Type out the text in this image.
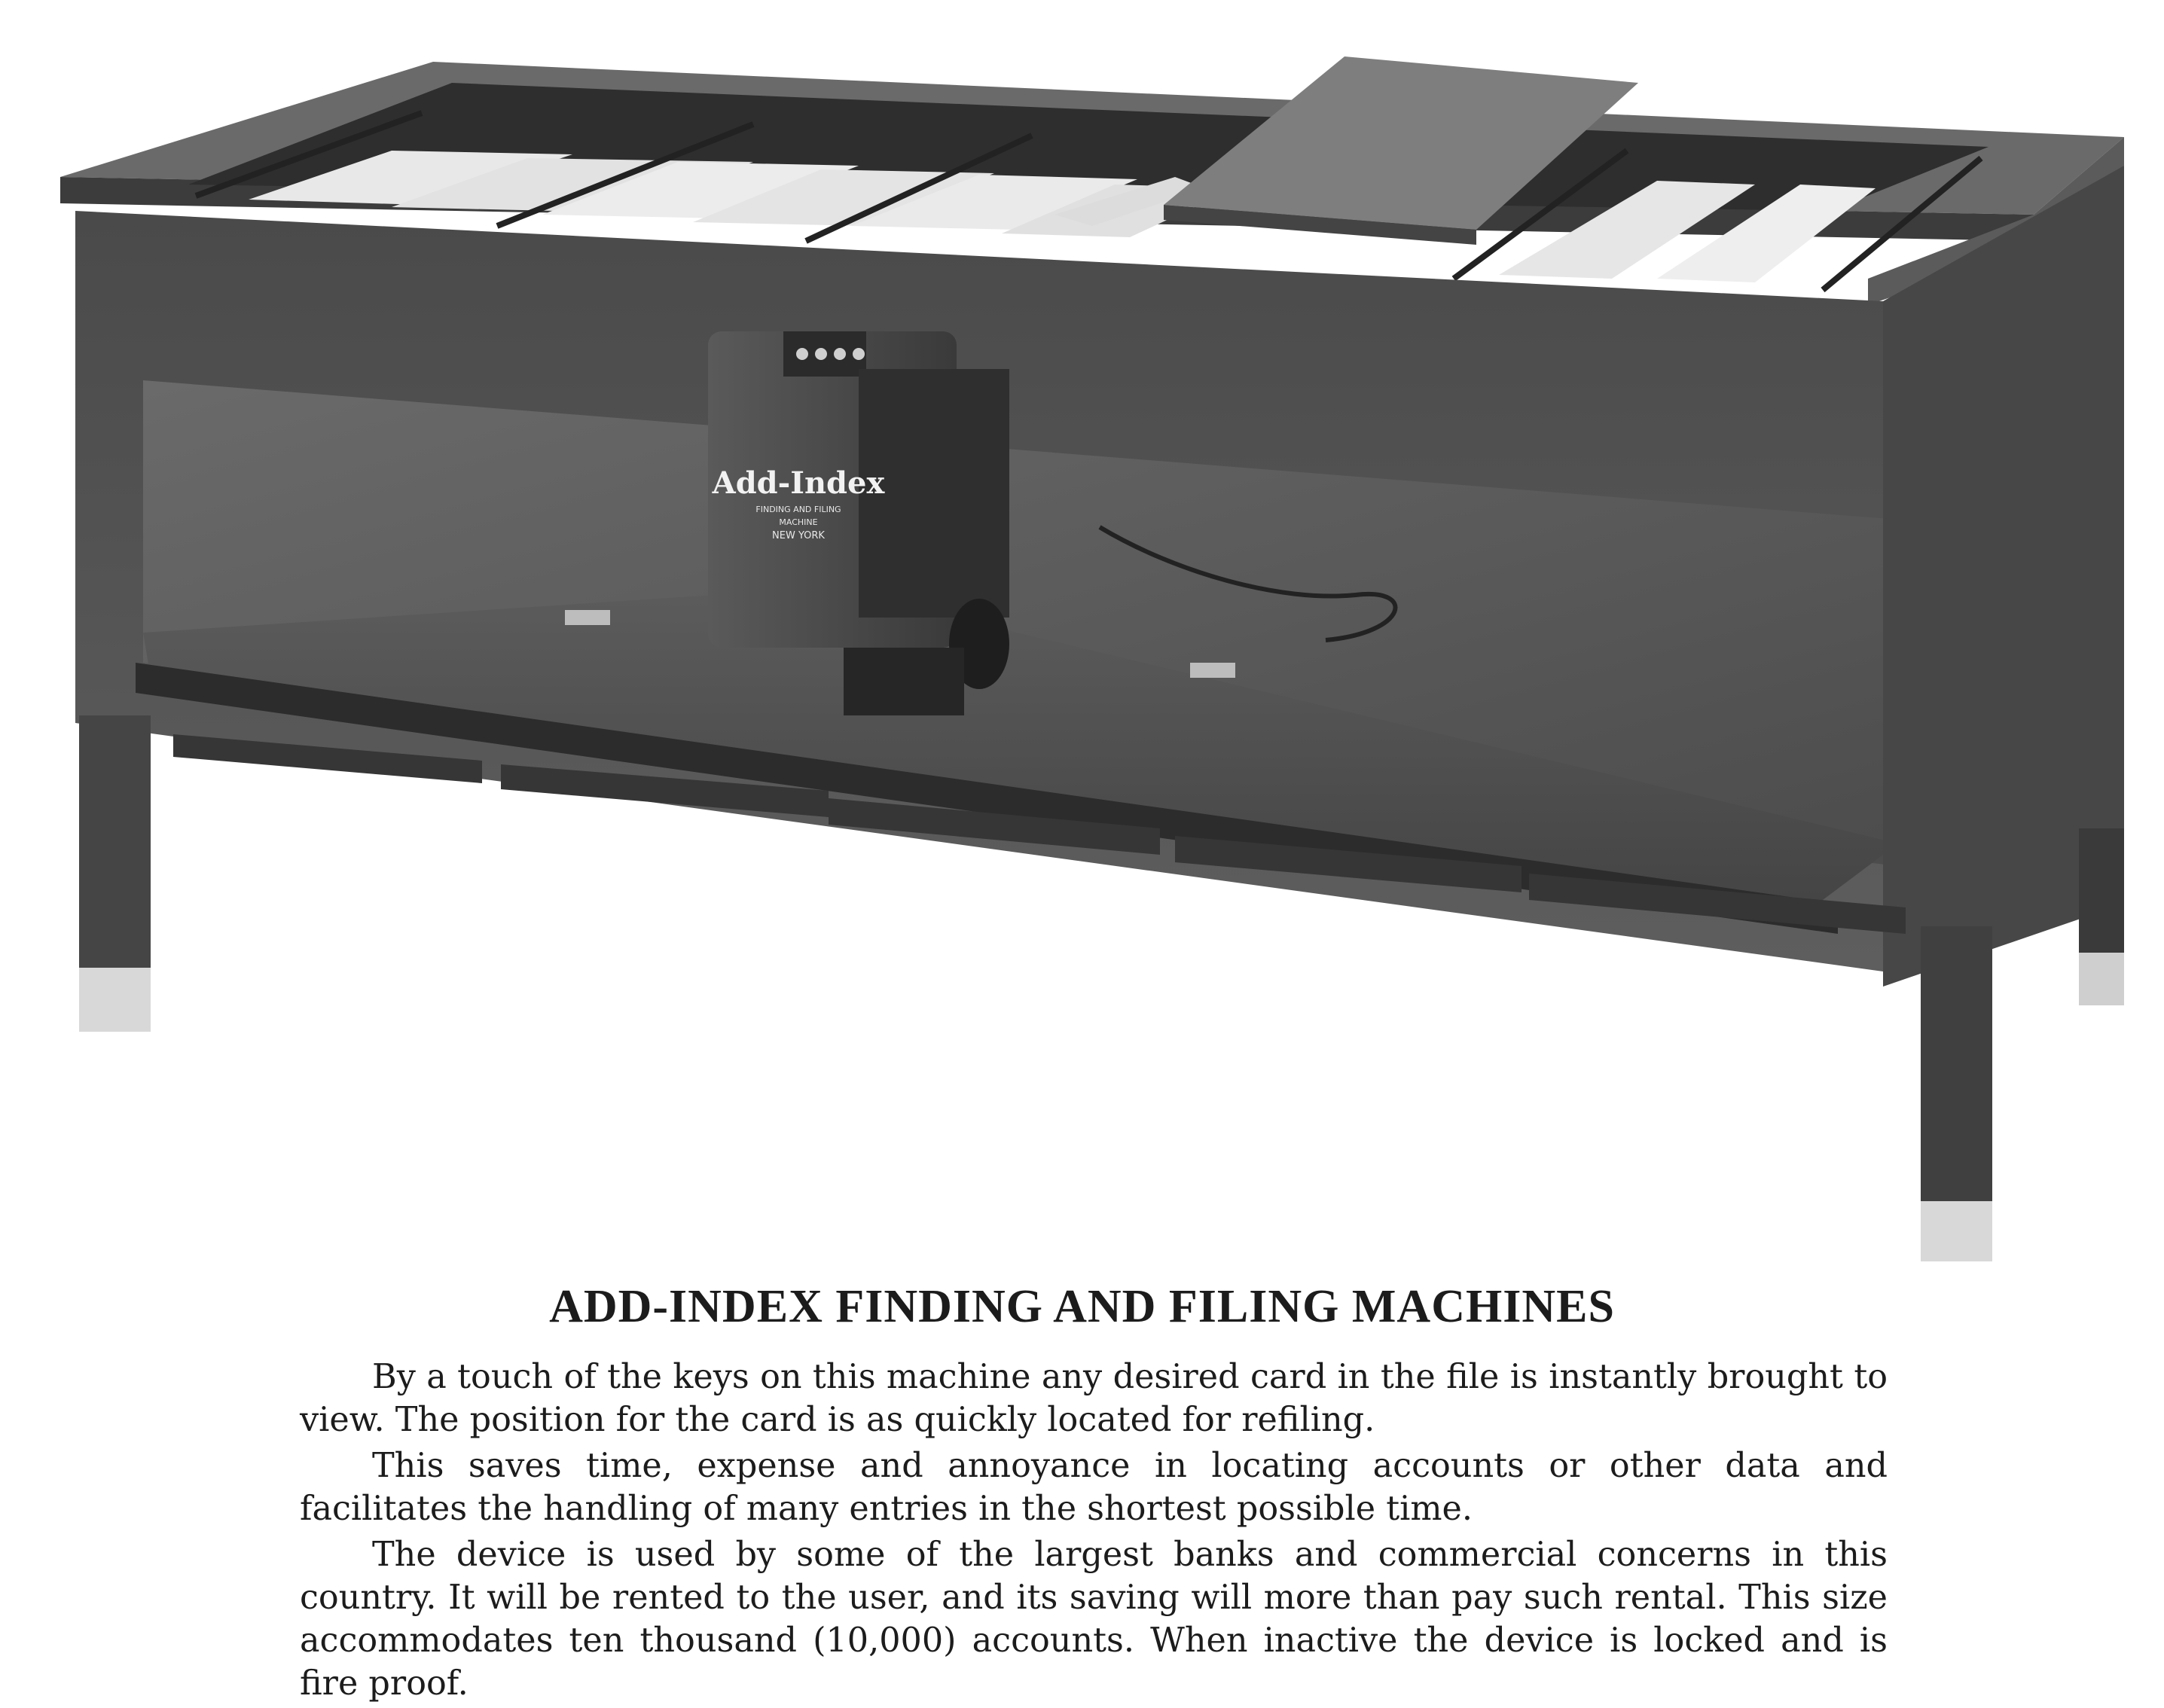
Add-Index
FINDING AND FILING
MACHINE
NEW YORK
ADD-INDEX FINDING AND FILING MACHINES

By a touch of the keys on this machine any desired card in the file is instantly brought to view. The position for the card is as quickly located for refiling.

This saves time, expense and annoyance in locating accounts or other data and facilitates the handling of many entries in the shortest possible time.

The device is used by some of the largest banks and commercial concerns in this country. It will be rented to the user, and its saving will more than pay such rental. This size accommodates ten thousand (10,000) accounts. When inactive the device is locked and is fire proof.
